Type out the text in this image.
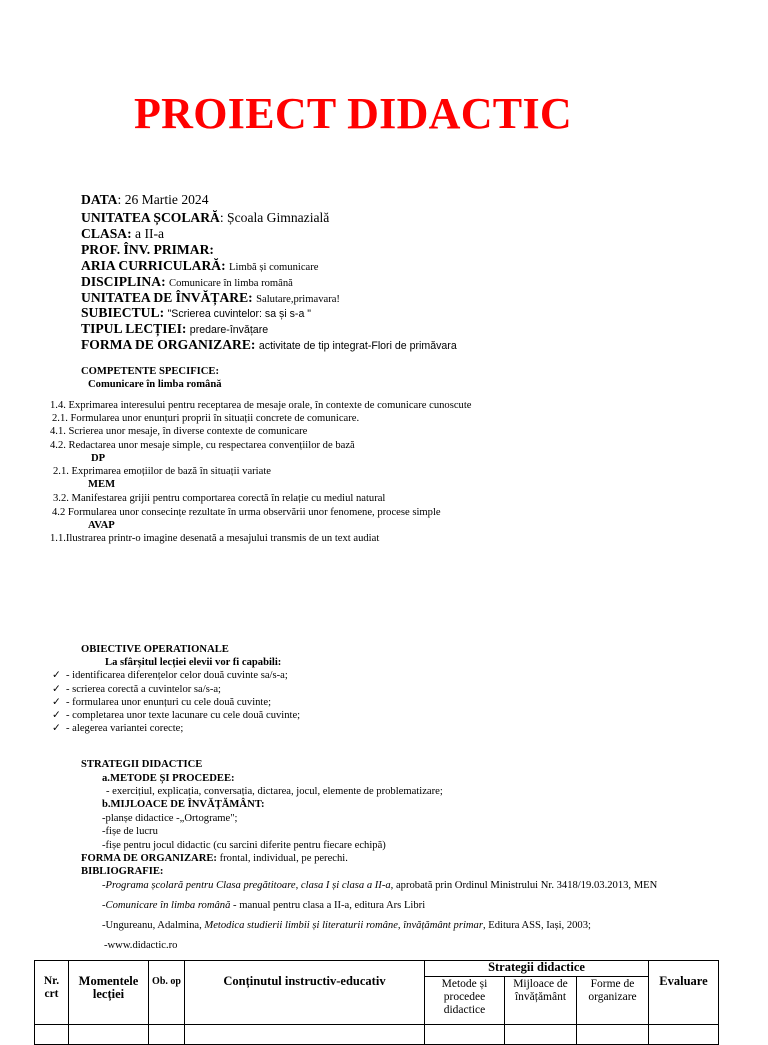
PROIECT DIDACTIC
DATA: 26 Martie 2024
UNITATEA ȘCOLARĂ: Școala Gimnazială
CLASA: a II-a
PROF. ÎNV. PRIMAR:
ARIA CURRICULARĂ: Limbă și comunicare
DISCIPLINA: Comunicare în limba română
UNITATEA DE ÎNVĂȚARE: Salutare,primavara!
SUBIECTUL: "Scrierea cuvintelor: sa și s-a "
TIPUL LECȚIEI: predare-învățare
FORMA DE ORGANIZARE: activitate de tip integrat-Flori de primăvara
COMPETENTE SPECIFICE:
Comunicare în limba română
1.4. Exprimarea interesului pentru receptarea de mesaje orale, în contexte de comunicare cunoscute
2.1. Formularea unor enunțuri proprii în situații concrete de comunicare.
4.1. Scrierea unor mesaje, în diverse contexte de comunicare
4.2. Redactarea unor mesaje simple, cu respectarea convențiilor de bază
DP
2.1. Exprimarea emoțiilor de bază în situații variate
MEM
3.2. Manifestarea grijii pentru comportarea corectă în relație cu mediul natural
4.2 Formularea unor consecințe rezultate în urma observării unor fenomene, procese simple
AVAP
1.1.Ilustrarea printr-o imagine desenată a mesajului transmis de un text audiat
OBIECTIVE OPERATIONALE
La sfârșitul lecției elevii vor fi capabili:
✓ - identificarea diferențelor celor două cuvinte sa/s-a;
✓ - scrierea corectă a cuvintelor sa/s-a;
✓ - formularea unor enunțuri cu cele două cuvinte;
✓ - completarea unor texte lacunare cu cele două cuvinte;
✓ - alegerea variantei corecte;
STRATEGII DIDACTICE
a.METODE ȘI PROCEDEE:
- exercițiul, explicația, conversația, dictarea, jocul, elemente de problematizare;
b.MIJLOACE DE ÎNVĂȚĂMÂNT:
-planșe didactice -„Ortograme";
-fișe de lucru
-fișe pentru jocul didactic (cu sarcini diferite pentru fiecare echipă)
FORMA DE ORGANIZARE: frontal, individual, pe perechi.
BIBLIOGRAFIE:
-Programa școlară pentru Clasa pregătitoare, clasa I și clasa a II-a, aprobată prin Ordinul Ministrului Nr. 3418/19.03.2013, MEN
-Comunicare în limba română - manual pentru clasa a II-a, editura Ars Libri
-Ungureanu, Adalmina, Metodica studierii limbii și literaturii române, învățământ primar, Editura ASS, Iași, 2003;
-www.didactic.ro
Nr. crt	Momentele lecției	Ob. op	Conținutul instructiv-educativ	Strategii didactice			Evaluare
				Metode și procedee didactice	Mijloace de învățământ	Forme de organizare	
